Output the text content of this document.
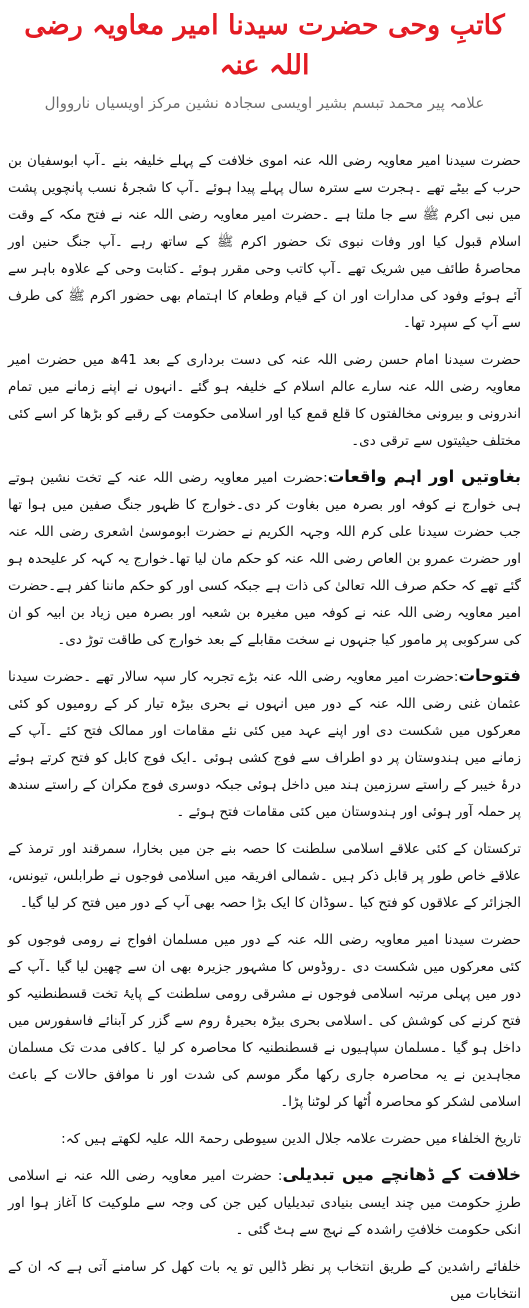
کاتبِ وحی حضرت سیدنا امیر معاویہ رضی اللہ عنہ
علامہ پیر محمد تبسم بشیر اویسی سجادہ نشین مرکز اویسیاں نارووال

حضرت سیدنا امیر معاویہ رضی اللہ عنہ اموی خلافت کے پہلے خلیفہ بنے ۔آپ ابوسفیان بن حرب کے بیٹے تھے ۔ہجرت سے سترہ سال پہلے پیدا ہوئے ۔آپ کا شجرۂ نسب پانچویں پشت میں نبی اکرم ﷺ سے جا ملتا ہے ۔حضرت امیر معاویہ رضی اللہ عنہ نے فتح مکہ کے وقت اسلام قبول کیا اور وفات نبوی تک حضور اکرم ﷺ کے ساتھ رہے ۔آپ جنگ حنین اور محاصرۂ طائف میں شریک تھے ۔آپ کاتب وحی مقرر ہوئے ۔کتابت وحی کے علاوہ باہر سے آئے ہوئے وفود کی مدارات اور ان کے قیام وطعام کا اہتمام بھی حضور اکرم ﷺ کی طرف سے آپ کے سپرد تھا۔

حضرت سیدنا امام حسن رضی اللہ عنہ کی دست برداری کے بعد 41ھ میں حضرت امیر معاویہ رضی اللہ عنہ سارے عالم اسلام کے خلیفہ ہو گئے ۔انہوں نے اپنے زمانے میں تمام اندرونی و بیرونی مخالفتوں کا قلع قمع کیا اور اسلامی حکومت کے رقبے کو بڑھا کر اسے کئی مختلف حیثیتوں سے ترقی دی۔

بغاوتیں اور اہم واقعات:حضرت امیر معاویہ رضی اللہ عنہ کے تخت نشین ہوتے ہی خوارج نے کوفہ اور بصرہ میں بغاوت کر دی۔خوارج کا ظہور جنگ صفین میں ہوا تھا جب حضرت سیدنا علی کرم اللہ وجہہ الکریم نے حضرت ابوموسیٰ اشعری رضی اللہ عنہ اور حضرت عمرو بن العاص رضی اللہ عنہ کو حکم مان لیا تھا۔خوارج یہ کہہ کر علیحدہ ہو گئے تھے کہ حکم صرف اللہ تعالیٰ کی ذات ہے جبکہ کسی اور کو حکم ماننا کفر ہے۔حضرت امیر معاویہ رضی اللہ عنہ نے کوفہ میں مغیرہ بن شعبہ اور بصرہ میں زیاد بن ابیہ کو ان کی سرکوبی پر مامور کیا جنہوں نے سخت مقابلے کے بعد خوارج کی طاقت توڑ دی۔

فتوحات:حضرت امیر معاویہ رضی اللہ عنہ بڑے تجربہ کار سپہ سالار تھے ۔حضرت سیدنا عثمان غنی رضی اللہ عنہ کے دور میں انہوں نے بحری بیڑہ تیار کر کے رومیوں کو کئی معرکوں میں شکست دی اور اپنے عہد میں کئی نئے مقامات اور ممالک فتح کئے ۔آپ کے زمانے میں ہندوستان پر دو اطراف سے فوج کشی ہوئی ۔ایک فوج کابل کو فتح کرتے ہوئے درۂ خیبر کے راستے سرزمین ہند میں داخل ہوئی جبکہ دوسری فوج مکران کے راستے سندھ پر حملہ آور ہوئی اور ہندوستان میں کئی مقامات فتح ہوئے ۔

ترکستان کے کئی علاقے اسلامی سلطنت کا حصہ بنے جن میں بخارا، سمرقند اور ترمذ کے علاقے خاص طور پر قابل ذکر ہیں ۔شمالی افریقہ میں اسلامی فوجوں نے طرابلس، تیونس، الجزائر کے علاقوں کو فتح کیا ۔سوڈان کا ایک بڑا حصہ بھی آپ کے دور میں فتح کر لیا گیا۔

حضرت سیدنا امیر معاویہ رضی اللہ عنہ کے دور میں مسلمان افواج نے رومی فوجوں کو کئی معرکوں میں شکست دی ۔روڈوس کا مشہور جزیرہ بھی ان سے چھین لیا گیا ۔آپ کے دور میں پہلی مرتبہ اسلامی فوجوں نے مشرقی رومی سلطنت کے پایۂ تخت قسطنطنیہ کو فتح کرنے کی کوشش کی ۔اسلامی بحری بیڑہ بحیرۂ روم سے گزر کر آبنائے فاسفورس میں داخل ہو گیا ۔مسلمان سپاہیوں نے قسطنطنیہ کا محاصرہ کر لیا ۔کافی مدت تک مسلمان مجاہدین نے یہ محاصرہ جاری رکھا مگر موسم کی شدت اور نا موافق حالات کے باعث اسلامی لشکر کو محاصرہ اُٹھا کر لوٹنا پڑا۔

تاریخ الخلفاء میں حضرت علامہ جلال الدین سیوطی رحمۃ اللہ علیہ لکھتے ہیں کہ:

خلافت کے ڈھانچے میں تبدیلی: حضرت امیر معاویہ رضی اللہ عنہ نے اسلامی طرزِ حکومت میں چند ایسی بنیادی تبدیلیاں کیں جن کی وجہ سے ملوکیت کا آغاز ہوا اور انکی حکومت خلافتِ راشدہ کے نہج سے ہٹ گئی ۔

خلفائے راشدین کے طریق انتخاب پر نظر ڈالیں تو یہ بات کھل کر سامنے آتی ہے کہ ان کے انتخابات میں
